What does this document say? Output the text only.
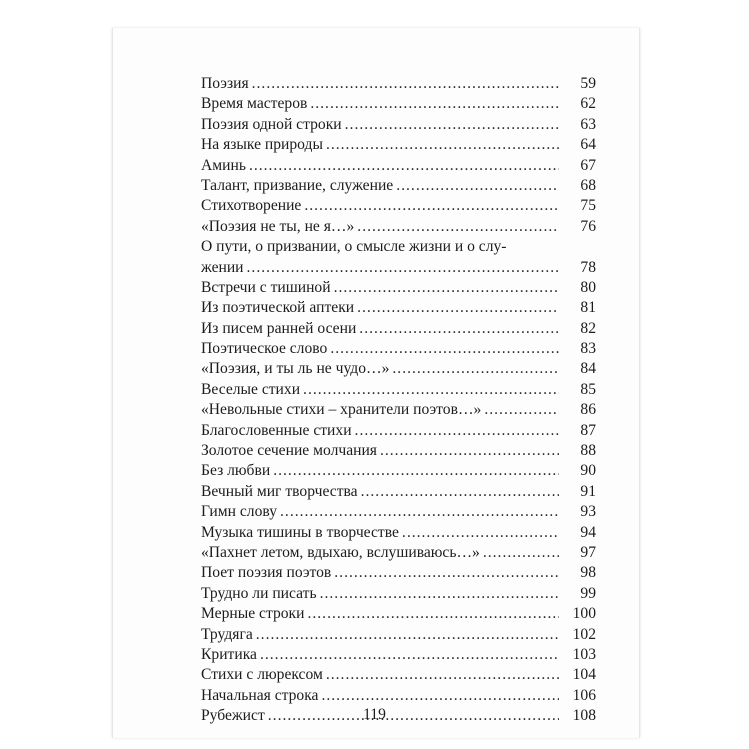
Поэзия .....	59
Время мастеров .....	62
Поэзия одной строки .....	63
На языке природы .....	64
Аминь .....	67
Талант, призвание, служение .....	68
Стихотворение .....	75
«Поэзия не ты, не я…» .....	76
О пути, о призвании, о смысле жизни и о слу-
жении .....	78
Встречи с тишиной .....	80
Из поэтической аптеки .....	81
Из писем ранней осени .....	82
Поэтическое слово .....	83
«Поэзия, и ты ль не чудо…» .....	84
Веселые стихи .....	85
«Невольные стихи – хранители поэтов…» .....	86
Благословенные стихи .....	87
Золотое сечение молчания .....	88
Без любви .....	90
Вечный миг творчества .....	91
Гимн слову .....	93
Музыка тишины в творчестве .....	94
«Пахнет летом, вдыхаю, вслушиваюсь…» .....	97
Поет поэзия поэтов .....	98
Трудно ли писать .....	99
Мерные строки .....	100
Трудяга .....	102
Критика .....	103
Стихи с люрексом .....	104
Начальная строка .....	106
Рубежист .....	108
119
